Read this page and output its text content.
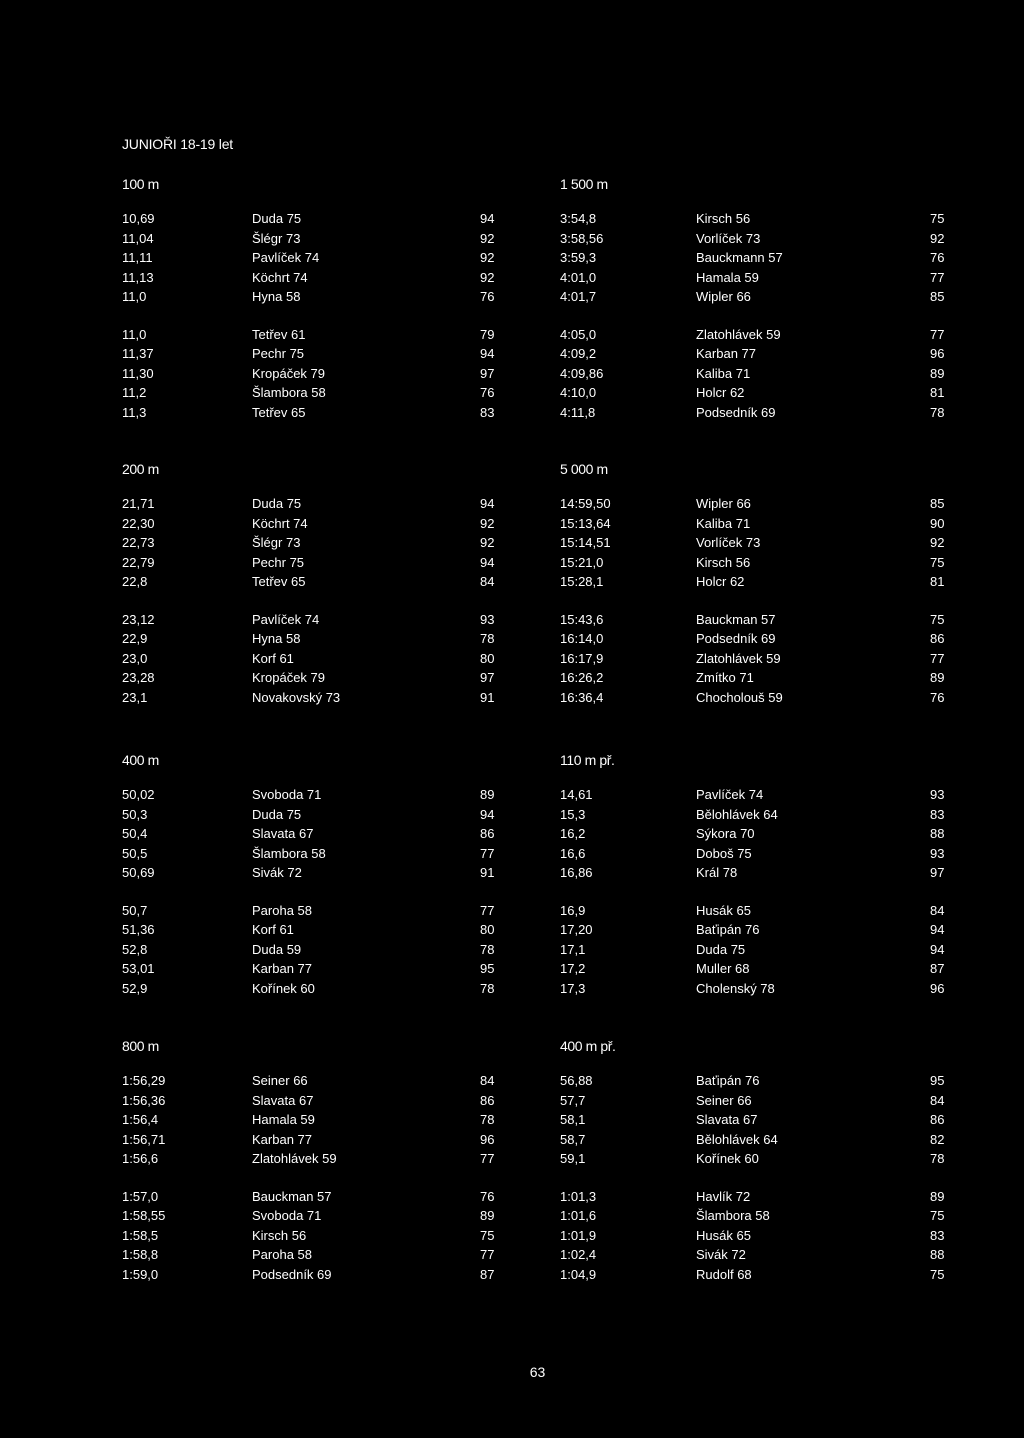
JUNIOŘI 18-19 let
100 m
10,69	Duda 75	94
11,04	Šlégr 73	92
11,11	Pavlíček 74	92
11,13	Köchrt 74	92
11,0	Hyna 58	76
11,0	Tetřev 61	79
11,37	Pechr 75	94
11,30	Kropáček 79	97
11,2	Šlambora 58	76
11,3	Tetřev 65	83
1 500 m
3:54,8	Kirsch 56	75
3:58,56	Vorlíček 73	92
3:59,3	Bauckmann 57	76
4:01,0	Hamala 59	77
4:01,7	Wipler 66	85
4:05,0	Zlatohlávek 59	77
4:09,2	Karban 77	96
4:09,86	Kaliba 71	89
4:10,0	Holcr 62	81
4:11,8	Podsedník 69	78
200 m
21,71	Duda 75	94
22,30	Köchrt 74	92
22,73	Šlégr 73	92
22,79	Pechr 75	94
22,8	Tetřev 65	84
23,12	Pavlíček 74	93
22,9	Hyna 58	78
23,0	Korf 61	80
23,28	Kropáček 79	97
23,1	Novakovský 73	91
5 000 m
14:59,50	Wipler 66	85
15:13,64	Kaliba 71	90
15:14,51	Vorlíček 73	92
15:21,0	Kirsch 56	75
15:28,1	Holcr 62	81
15:43,6	Bauckman 57	75
16:14,0	Podsedník 69	86
16:17,9	Zlatohlávek 59	77
16:26,2	Zmítko 71	89
16:36,4	Chocholouš 59	76
400 m
50,02	Svoboda 71	89
50,3	Duda 75	94
50,4	Slavata 67	86
50,5	Šlambora 58	77
50,69	Sivák 72	91
50,7	Paroha 58	77
51,36	Korf 61	80
52,8	Duda 59	78
53,01	Karban 77	95
52,9	Kořínek 60	78
110 m př.
14,61	Pavlíček 74	93
15,3	Bělohlávek 64	83
16,2	Sýkora 70	88
16,6	Doboš 75	93
16,86	Král 78	97
16,9	Husák 65	84
17,20	Baťipán 76	94
17,1	Duda 75	94
17,2	Muller 68	87
17,3	Cholenský 78	96
800 m
1:56,29	Seiner 66	84
1:56,36	Slavata 67	86
1:56,4	Hamala 59	78
1:56,71	Karban 77	96
1:56,6	Zlatohlávek 59	77
1:57,0	Bauckman 57	76
1:58,55	Svoboda 71	89
1:58,5	Kirsch 56	75
1:58,8	Paroha 58	77
1:59,0	Podsedník 69	87
400 m př.
56,88	Baťipán 76	95
57,7	Seiner 66	84
58,1	Slavata 67	86
58,7	Bělohlávek 64	82
59,1	Kořínek 60	78
1:01,3	Havlík 72	89
1:01,6	Šlambora 58	75
1:01,9	Husák 65	83
1:02,4	Sivák 72	88
1:04,9	Rudolf 68	75
63
